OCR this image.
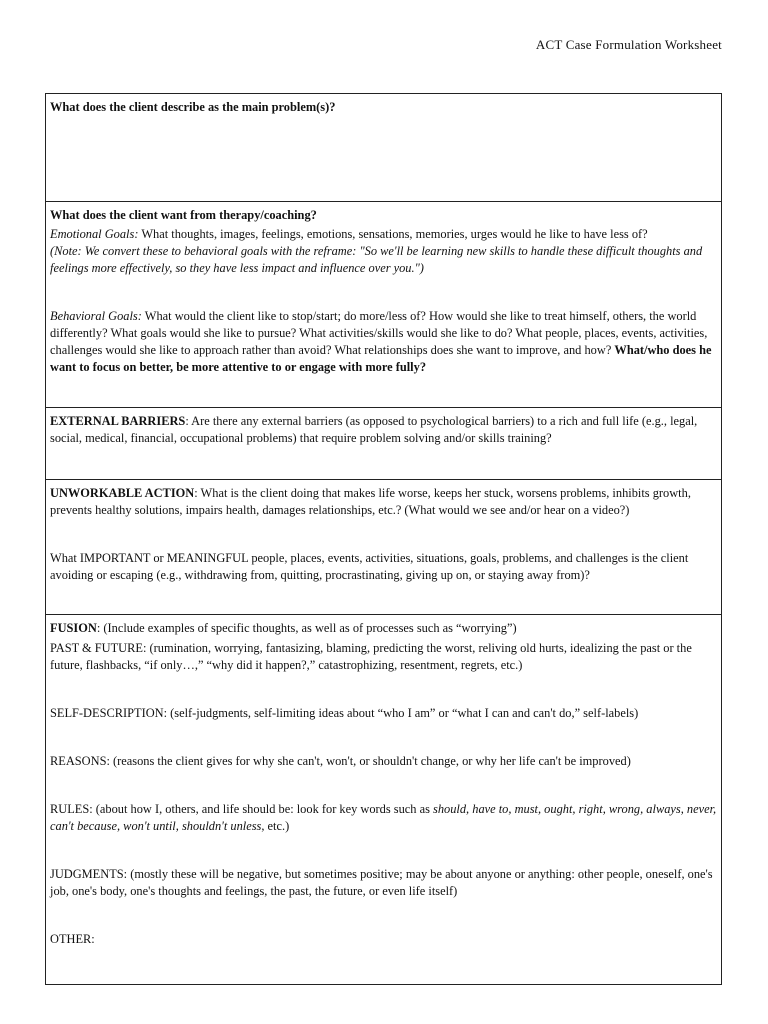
ACT Case Formulation Worksheet

What does the client describe as the main problem(s)?

What does the client want from therapy/coaching?

Emotional Goals: What thoughts, images, feelings, emotions, sensations, memories, urges would he like to have less of?

(Note: We convert these to behavioral goals with the reframe: "So we'll be learning new skills to handle these difficult thoughts and feelings more effectively, so they have less impact and influence over you.")

Behavioral Goals: What would the client like to stop/start; do more/less of? How would she like to treat himself, others, the world differently? What goals would she like to pursue? What activities/skills would she like to do? What people, places, events, activities, challenges would she like to approach rather than avoid? What relationships does she want to improve, and how? What/who does he want to focus on better, be more attentive to or engage with more fully?

EXTERNAL BARRIERS: Are there any external barriers (as opposed to psychological barriers) to a rich and full life (e.g., legal, social, medical, financial, occupational problems) that require problem solving and/or skills training?

UNWORKABLE ACTION: What is the client doing that makes life worse, keeps her stuck, worsens problems, inhibits growth, prevents healthy solutions, impairs health, damages relationships, etc.? (What would we see and/or hear on a video?)

What IMPORTANT or MEANINGFUL people, places, events, activities, situations, goals, problems, and challenges is the client avoiding or escaping (e.g., withdrawing from, quitting, procrastinating, giving up on, or staying away from)?

FUSION: (Include examples of specific thoughts, as well as of processes such as “worrying”)

PAST & FUTURE: (rumination, worrying, fantasizing, blaming, predicting the worst, reliving old hurts, idealizing the past or the future, flashbacks, “if only…,” “why did it happen?,” catastrophizing, resentment, regrets, etc.)

SELF-DESCRIPTION: (self-judgments, self-limiting ideas about “who I am” or “what I can and can't do,” self-labels)

REASONS: (reasons the client gives for why she can't, won't, or shouldn't change, or why her life can't be improved)

RULES: (about how I, others, and life should be: look for key words such as should, have to, must, ought, right, wrong, always, never, can't because, won't until, shouldn't unless, etc.)

JUDGMENTS: (mostly these will be negative, but sometimes positive; may be about anyone or anything: other people, oneself, one's job, one's body, one's thoughts and feelings, the past, the future, or even life itself)

OTHER:
